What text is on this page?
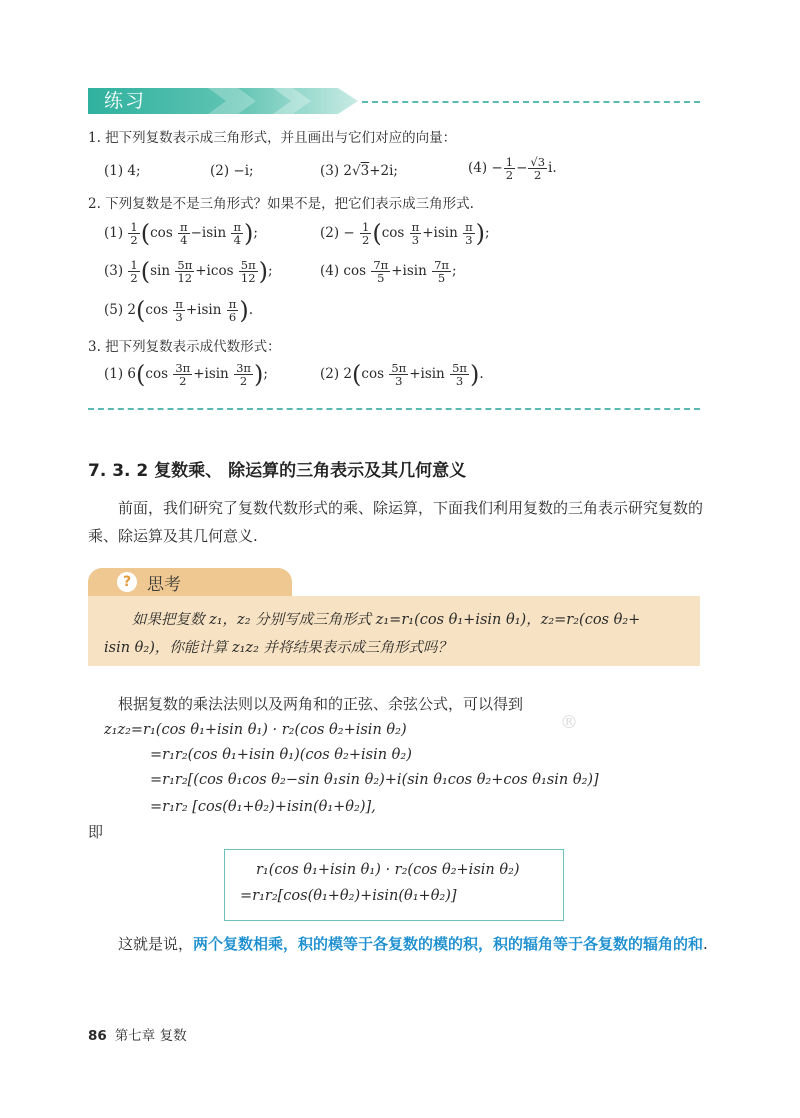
练习
1. 把下列复数表示成三角形式，并且画出与它们对应的向量：
(1) 4;	(2) −i;	(3) 2√3+2i;	$(4) - \frac{1}{2} - \frac{√3}{2} i$.
2. 下列复数是不是三角形式？如果不是，把它们表示成三角形式.
$(1) \frac{1}{2} (\cos \frac{\pi}{4} -isin \frac{\pi}{4}$ );	$(2) - \frac{1}{2} (\cos \frac{\pi}{3} +isin \frac{\pi}{3}$ );
$(3) \frac{1}{2} (\sin \frac{5\pi}{12} +icos \frac{5\pi}{12}$ );	(4) $\cos \frac{7\pi}{5} +isin \frac{7\pi}{5}$ ;
(5) $2(\cos \frac{\pi}{3} +isin \frac{\pi}{6}$ ).
3. 把下列复数表示成代数形式：
(1) $6(\cos \frac{3\pi}{2} +isin \frac{3\pi}{2}$ );	(2) $2(\cos \frac{5\pi}{3} +isin \frac{5\pi}{3}$ ).
7. 3. 2 复数乘、 除运算的三角表示及其几何意义
前面，我们研究了复数代数形式的乘、除运算，下面我们利用复数的三角表示研究复数的乘、除运算及其几何意义.
? 思考
如果把复数 z₁，z₂ 分别写成三角形式 z₁=r₁(cos θ₁+isin θ₁)，z₂=r₂(cos θ₂+
isin θ₂)，你能计算 z₁z₂ 并将结果表示成三角形式吗？
根据复数的乘法法则以及两角和的正弦、余弦公式，可以得到
z₁z₂=r₁(cos θ₁+isin θ₁) · r₂(cos θ₂+isin θ₂)
=r₁r₂(cos θ₁+isin θ₁)(cos θ₂+isin θ₂)
=r₁r₂[(cos θ₁cos θ₂−sin θ₁sin θ₂)+i(sin θ₁cos θ₂+cos θ₁sin θ₂)]
=r₁r₂ [cos(θ₁+θ₂)+isin(θ₁+θ₂)],
®
即
r₁(cos θ₁+isin θ₁) · r₂(cos θ₂+isin θ₂)
=r₁r₂[cos(θ₁+θ₂)+isin(θ₁+θ₂)]
这就是说，两个复数相乘，积的模等于各复数的模的积，积的辐角等于各复数的辐角的和.
86 第七章 复数
